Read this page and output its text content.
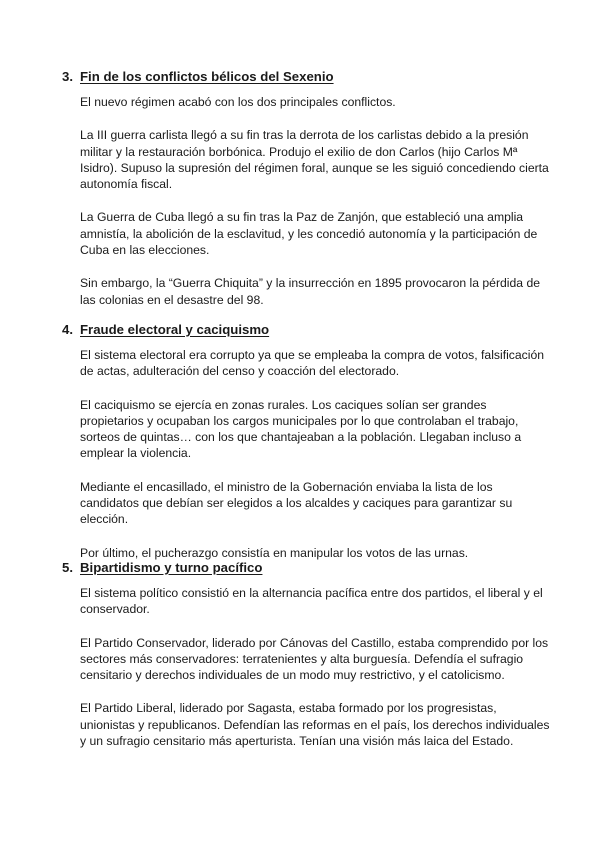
3. Fin de los conflictos bélicos del Sexenio

El nuevo régimen acabó con los dos principales conflictos.

La III guerra carlista llegó a su fin tras la derrota de los carlistas debido a la presión militar y la restauración borbónica. Produjo el exilio de don Carlos (hijo Carlos Mª Isidro). Supuso la supresión del régimen foral, aunque se les siguió concediendo cierta autonomía fiscal.

La Guerra de Cuba llegó a su fin tras la Paz de Zanjón, que estableció una amplia amnistía, la abolición de la esclavitud, y les concedió autonomía y la participación de Cuba en las elecciones.

Sin embargo, la “Guerra Chiquita” y la insurrección en 1895 provocaron la pérdida de las colonias en el desastre del 98.

4. Fraude electoral y caciquismo

El sistema electoral era corrupto ya que se empleaba la compra de votos, falsificación de actas, adulteración del censo y coacción del electorado.

El caciquismo se ejercía en zonas rurales. Los caciques solían ser grandes propietarios y ocupaban los cargos municipales por lo que controlaban el trabajo, sorteos de quintas… con los que chantajeaban a la población. Llegaban incluso a emplear la violencia.

Mediante el encasillado, el ministro de la Gobernación enviaba la lista de los candidatos que debían ser elegidos a los alcaldes y caciques para garantizar su elección.

Por último, el pucherazgo consistía en manipular los votos de las urnas.

5. Bipartidismo y turno pacífico

El sistema político consistió en la alternancia pacífica entre dos partidos, el liberal y el conservador.

El Partido Conservador, liderado por Cánovas del Castillo, estaba comprendido por los sectores más conservadores: terratenientes y alta burguesía. Defendía el sufragio censitario y derechos individuales de un modo muy restrictivo, y el catolicismo.

El Partido Liberal, liderado por Sagasta, estaba formado por los progresistas, unionistas y republicanos. Defendían las reformas en el país, los derechos individuales y un sufragio censitario más aperturista. Tenían una visión más laica del Estado.
